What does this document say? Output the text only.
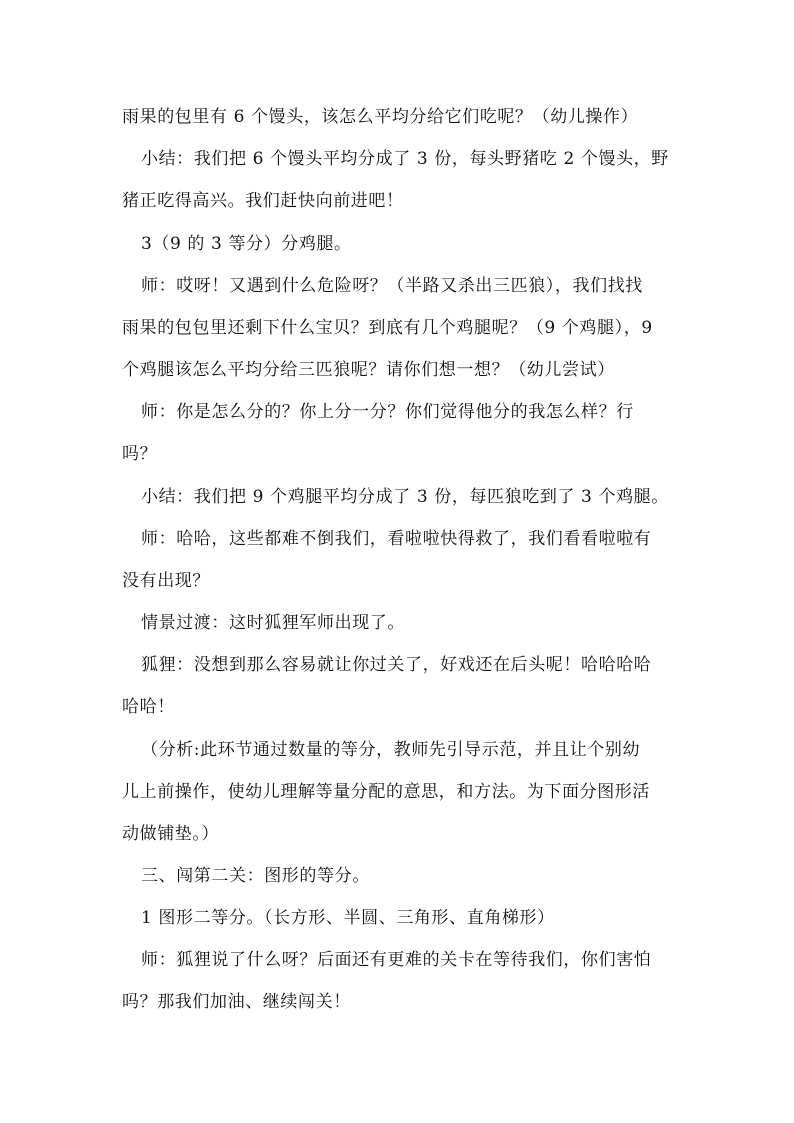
雨果的包里有 6 个馒头，该怎么平均分给它们吃呢？（幼儿操作）
小结：我们把 6 个馒头平均分成了 3 份，每头野猪吃 2 个馒头，野
猪正吃得高兴。我们赶快向前进吧！
3（9 的 3 等分）分鸡腿。
师：哎呀！又遇到什么危险呀？（半路又杀出三匹狼），我们找找
雨果的包包里还剩下什么宝贝？到底有几个鸡腿呢？（9 个鸡腿），9
个鸡腿该怎么平均分给三匹狼呢？请你们想一想？（幼儿尝试）
师：你是怎么分的？你上分一分？你们觉得他分的我怎么样？行
吗？
小结：我们把 9 个鸡腿平均分成了 3 份，每匹狼吃到了 3 个鸡腿。
师：哈哈，这些都难不倒我们，看啦啦快得救了，我们看看啦啦有
没有出现？
情景过渡：这时狐狸军师出现了。
狐狸：没想到那么容易就让你过关了，好戏还在后头呢！哈哈哈哈
哈哈！
（分析:此环节通过数量的等分，教师先引导示范，并且让个别幼
儿上前操作，使幼儿理解等量分配的意思，和方法。为下面分图形活
动做铺垫。）
三、闯第二关：图形的等分。
1 图形二等分。（长方形、半圆、三角形、直角梯形）
师：狐狸说了什么呀？后面还有更难的关卡在等待我们，你们害怕
吗？那我们加油、继续闯关！
